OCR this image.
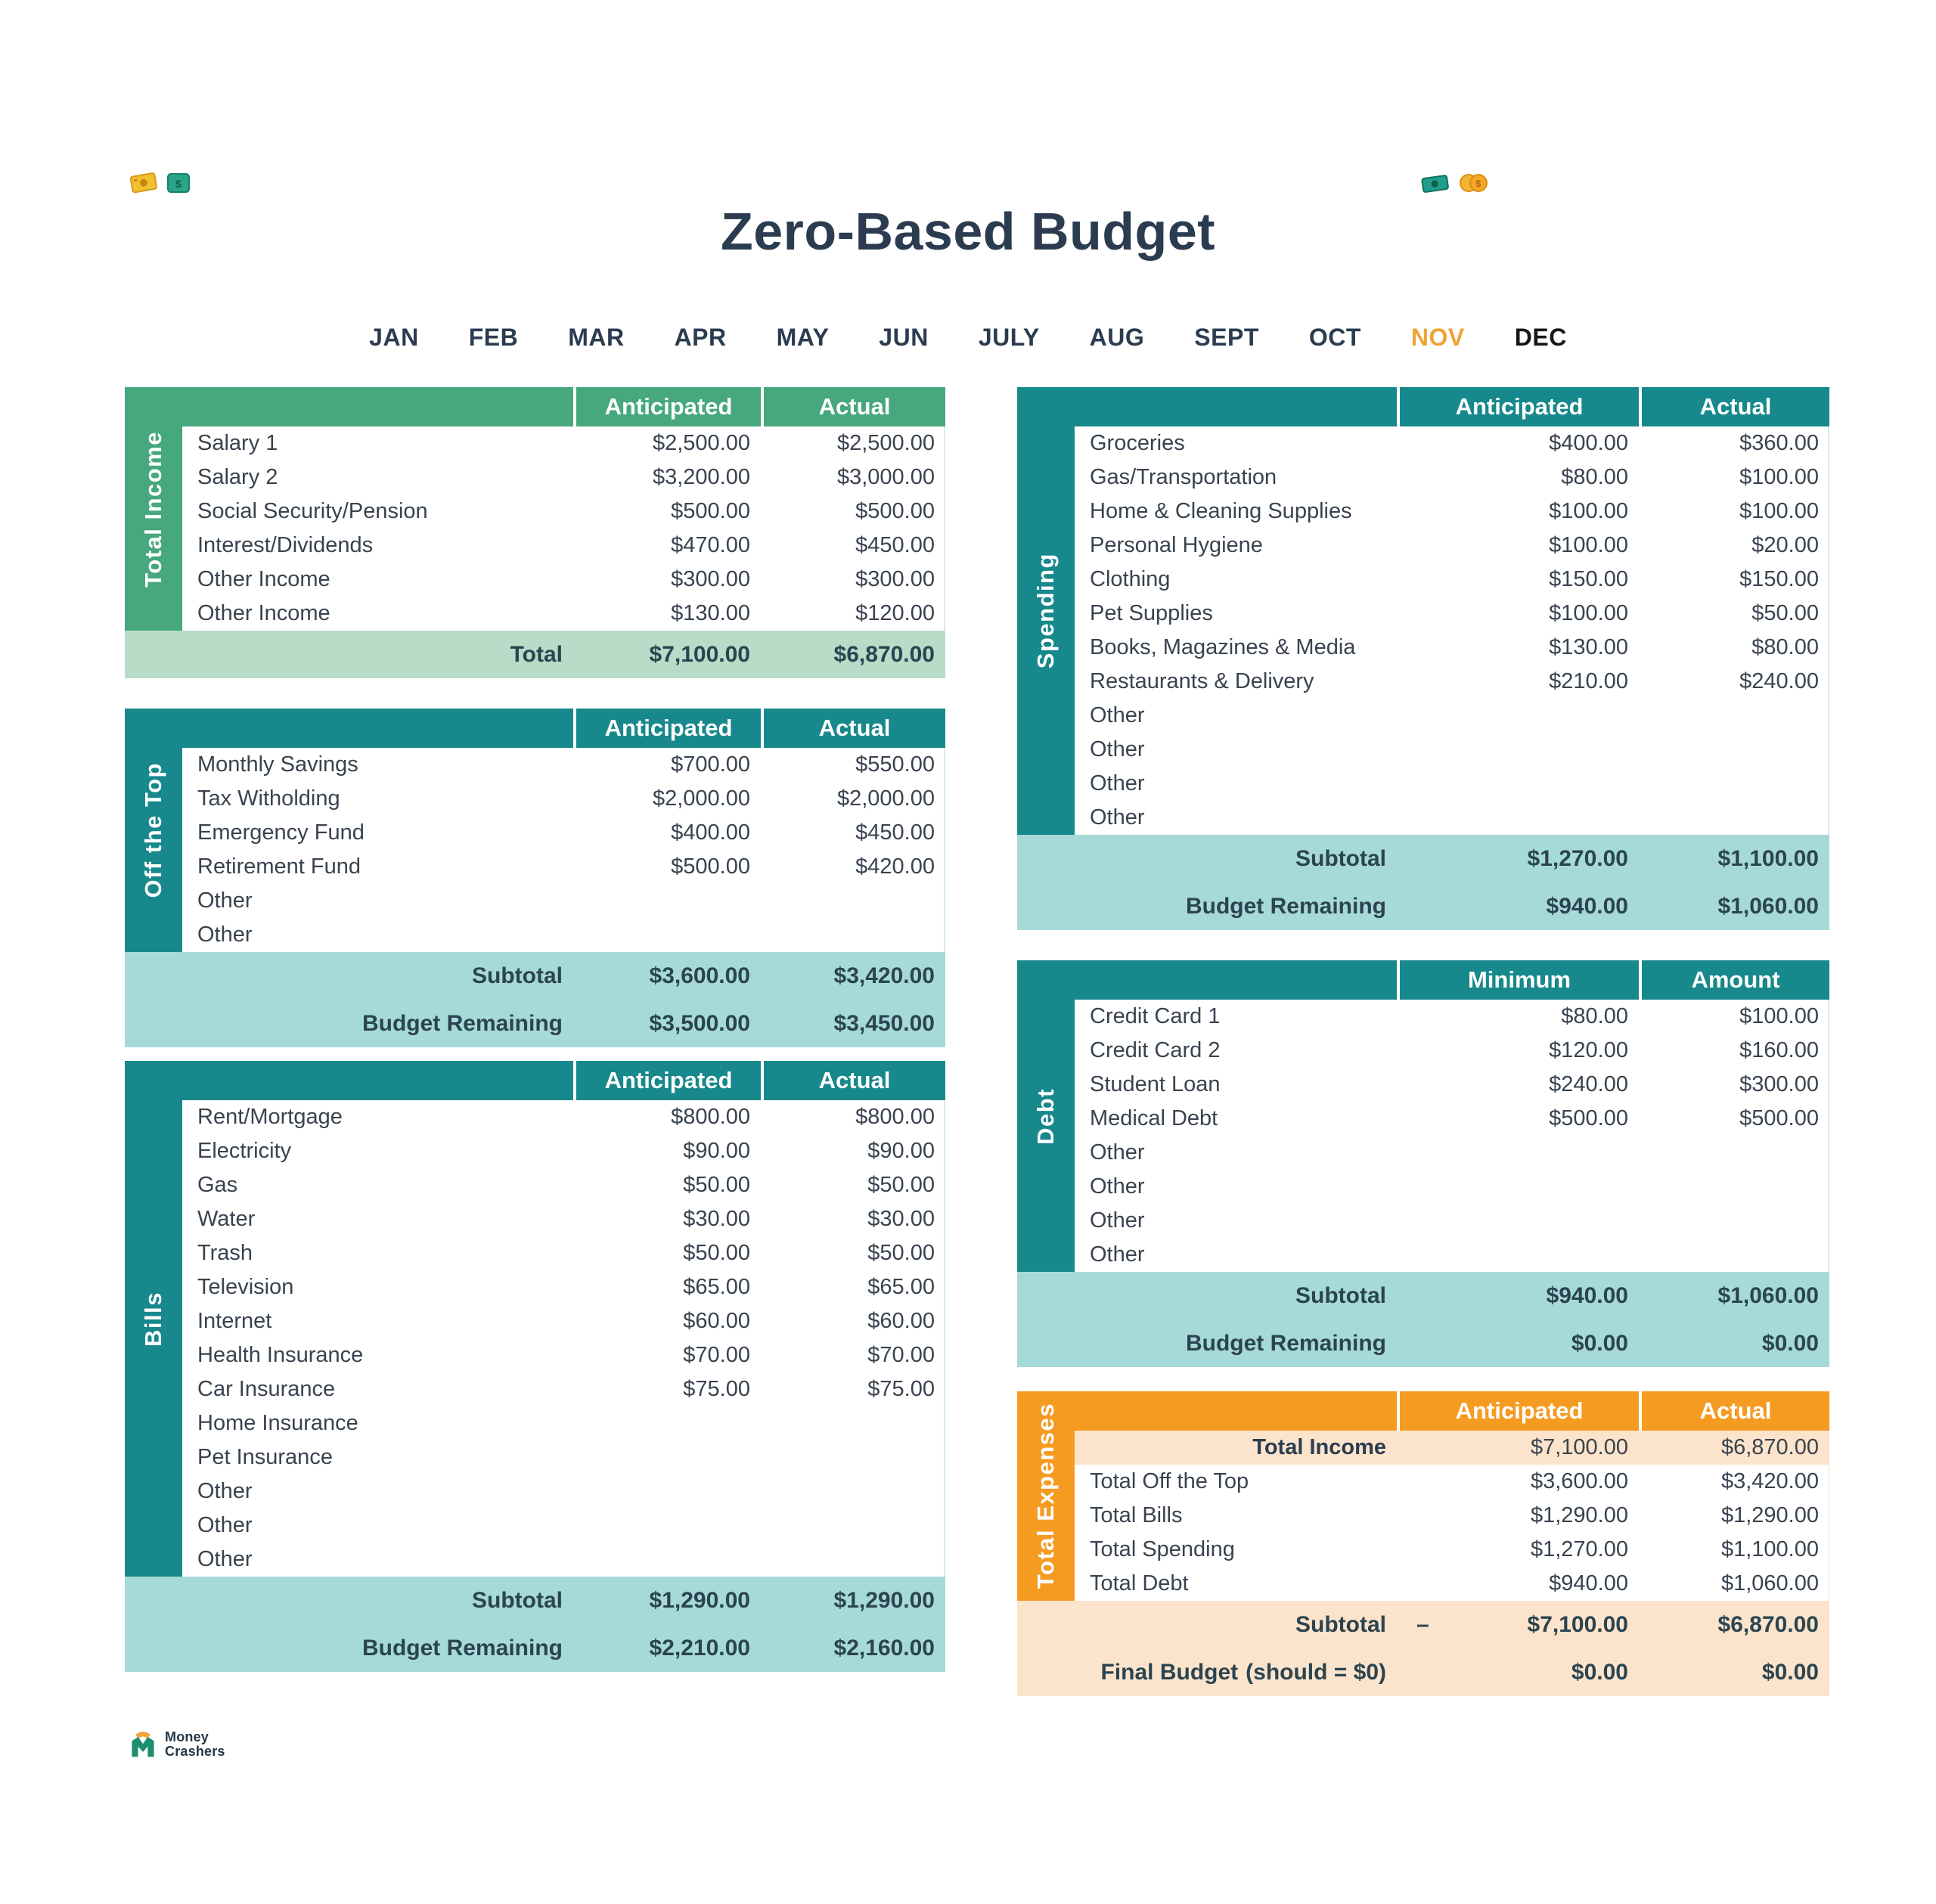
$	$
Zero-Based Budget
JAN FEB MAR APR MAY JUN JULY AUG SEPT OCT NOV DEC
Total Income
Anticipated	Actual
Salary 1	$2,500.00	$2,500.00
Salary 2	$3,200.00	$3,000.00
Social Security/Pension	$500.00	$500.00
Interest/Dividends	$470.00	$450.00
Other Income	$300.00	$300.00
Other Income	$130.00	$120.00
Total	$7,100.00	$6,870.00
Off the Top
Anticipated	Actual
Monthly Savings	$700.00	$550.00
Tax Witholding	$2,000.00	$2,000.00
Emergency Fund	$400.00	$450.00
Retirement Fund	$500.00	$420.00
Other
Other
Subtotal	$3,600.00	$3,420.00
Budget Remaining	$3,500.00	$3,450.00
Bills
Anticipated	Actual
Rent/Mortgage	$800.00	$800.00
Electricity	$90.00	$90.00
Gas	$50.00	$50.00
Water	$30.00	$30.00
Trash	$50.00	$50.00
Television	$65.00	$65.00
Internet	$60.00	$60.00
Health Insurance	$70.00	$70.00
Car Insurance	$75.00	$75.00
Home Insurance
Pet Insurance
Other
Other
Other
Subtotal	$1,290.00	$1,290.00
Budget Remaining	$2,210.00	$2,160.00
Spending
Anticipated	Actual
Groceries	$400.00	$360.00
Gas/Transportation	$80.00	$100.00
Home & Cleaning Supplies	$100.00	$100.00
Personal Hygiene	$100.00	$20.00
Clothing	$150.00	$150.00
Pet Supplies	$100.00	$50.00
Books, Magazines & Media	$130.00	$80.00
Restaurants & Delivery	$210.00	$240.00
Other
Other
Other
Other
Subtotal	$1,270.00	$1,100.00
Budget Remaining	$940.00	$1,060.00
Debt
Minimum	Amount
Credit Card 1	$80.00	$100.00
Credit Card 2	$120.00	$160.00
Student Loan	$240.00	$300.00
Medical Debt	$500.00	$500.00
Other
Other
Other
Other
Subtotal	$940.00	$1,060.00
Budget Remaining	$0.00	$0.00
Total Expenses	Anticipated	Actual
Total Income	$7,100.00	$6,870.00
Total Off the Top	$3,600.00	$3,420.00
Total Bills	$1,290.00	$1,290.00
Total Spending	$1,270.00	$1,100.00
Total Debt	$940.00	$1,060.00
Subtotal	–	$7,100.00	$6,870.00
Final Budget (should = $0)	$0.00	$0.00
Money
Crashers
